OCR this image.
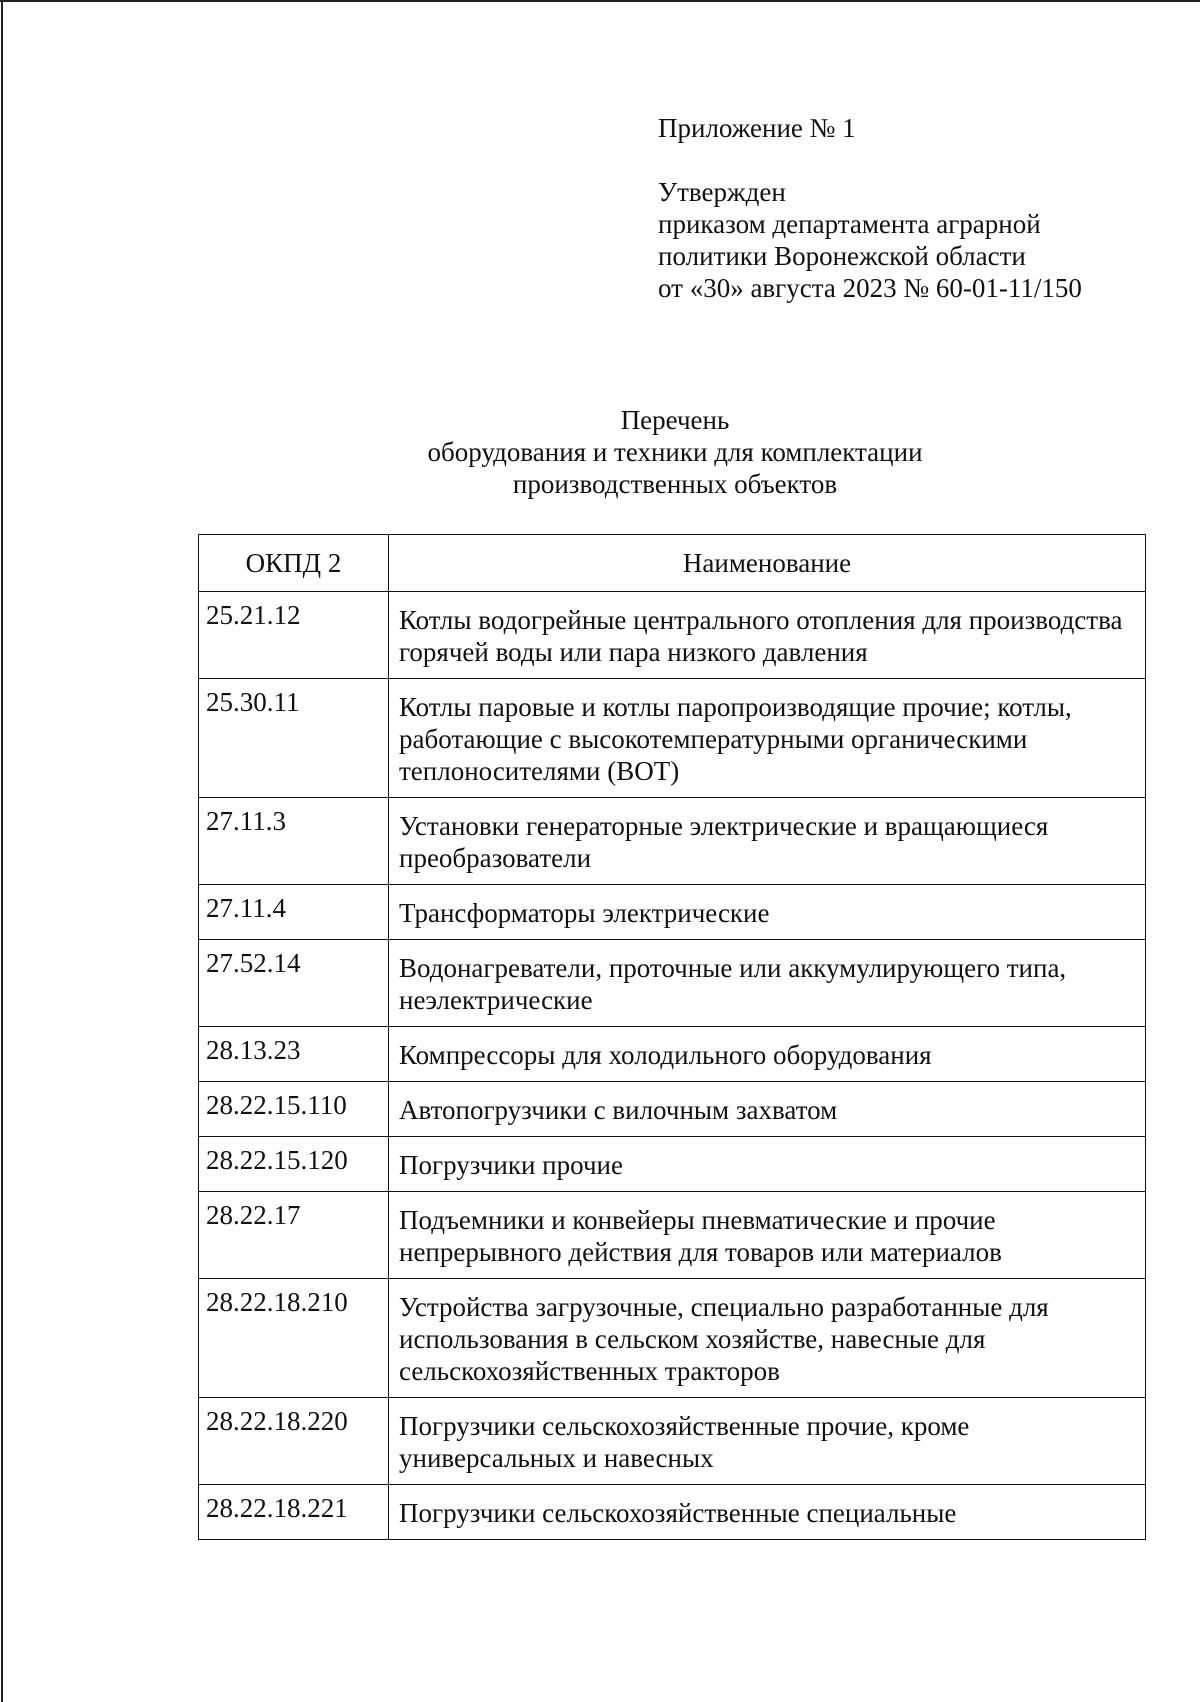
Приложение № 1
Утвержден
приказом департамента аграрной
политики Воронежской области
от «30» августа 2023 № 60-01-11/150
Перечень
оборудования и техники для комплектации
производственных объектов
ОКПД 2	Наименование
25.21.12	Котлы водогрейные центрального отопления для производства горячей воды или пара низкого давления
25.30.11	Котлы паровые и котлы паропроизводящие прочие; котлы, работающие с высокотемпературными органическими теплоносителями (ВОТ)
27.11.3	Установки генераторные электрические и вращающиеся преобразователи
27.11.4	Трансформаторы электрические
27.52.14	Водонагреватели, проточные или аккумулирующего типа, неэлектрические
28.13.23	Компрессоры для холодильного оборудования
28.22.15.110	Автопогрузчики с вилочным захватом
28.22.15.120	Погрузчики прочие
28.22.17	Подъемники и конвейеры пневматические и прочие непрерывного действия для товаров или материалов
28.22.18.210	Устройства загрузочные, специально разработанные для использования в сельском хозяйстве, навесные для сельскохозяйственных тракторов
28.22.18.220	Погрузчики сельскохозяйственные прочие, кроме универсальных и навесных
28.22.18.221	Погрузчики сельскохозяйственные специальные
